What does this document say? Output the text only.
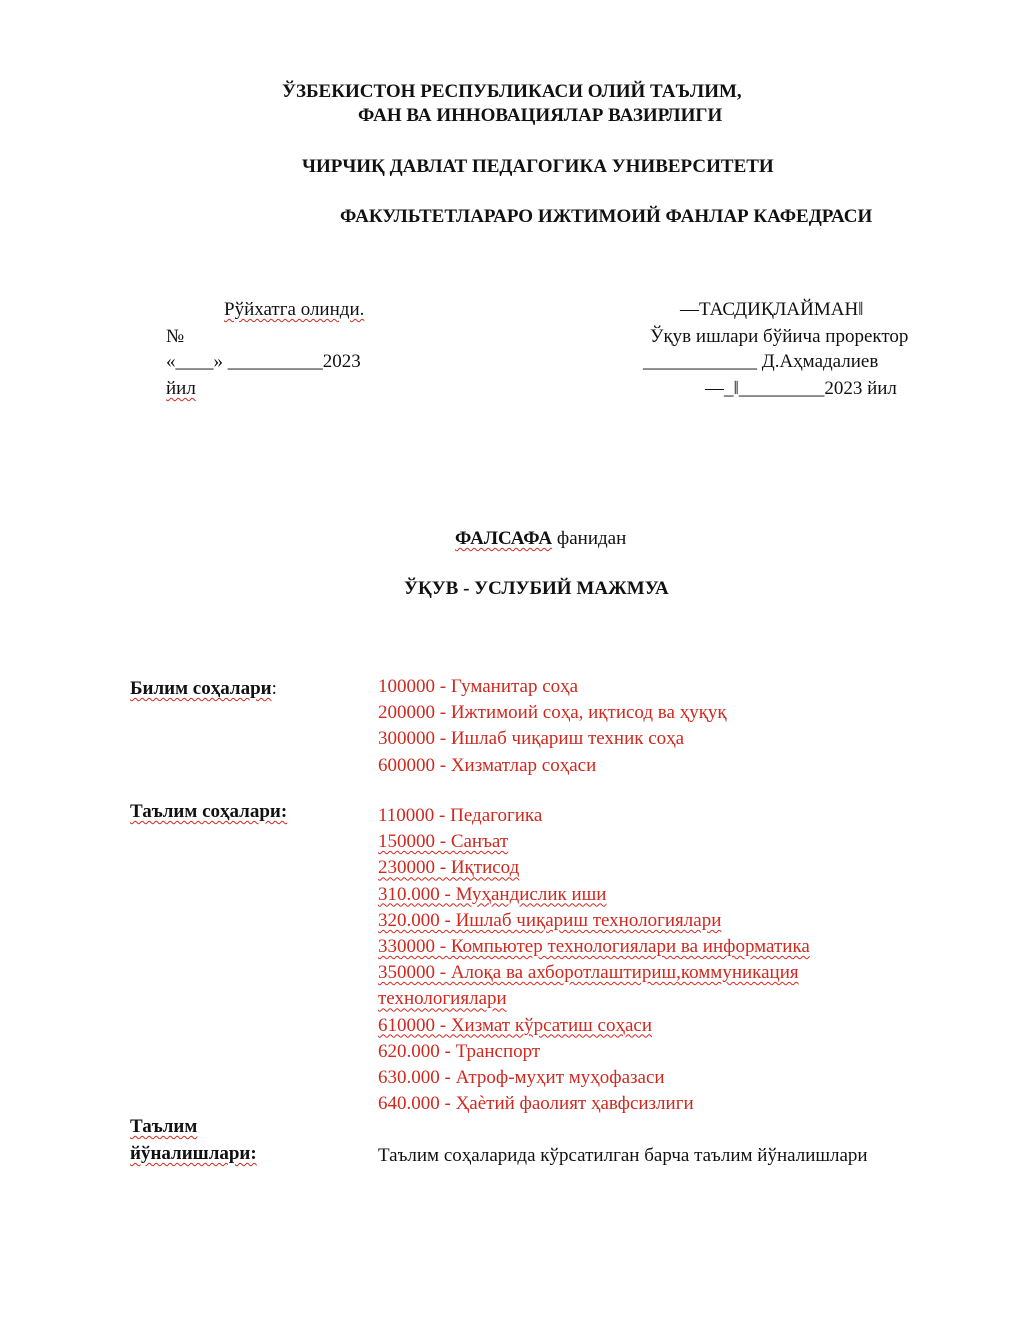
ЎЗБЕКИСТОН РЕСПУБЛИКАСИ ОЛИЙ ТАЪЛИМ,
ФАН ВА ИННОВАЦИЯЛАР ВАЗИРЛИГИ
ЧИРЧИҚ ДАВЛАТ ПЕДАГОГИКА УНИВЕРСИТЕТИ
ФАКУЛЬТЕТЛАРАРО ИЖТИМОИЙ ФАНЛАР КАФЕДРАСИ
Рўйхатга олинди.
№
«____» __________2023
йил
―ТАСДИҚЛАЙМАН‖
Ўқув ишлари бўйича проректор
____________ Д.Аҳмадалиев
―_‖_________2023 йил
ФАЛСАФА фанидан
ЎҚУВ - УСЛУБИЙ МАЖМУА
Билим соҳалари:	100000 - Гуманитар соҳа
200000 - Ижтимоий соҳа, иқтисод ва ҳуқуқ
300000 - Ишлаб чиқариш техник соҳа
600000 - Хизматлар соҳаси
Таълим соҳалари:	110000 - Педагогика
150000 - Санъат
230000 - Иқтисод
310.000 - Муҳандислик иши
320.000 - Ишлаб чиқариш технологиялари
330000 - Компьютер технологиялари ва информатика
350000 - Алоқа ва ахборотлаштириш,коммуникация
технологиялари
610000 - Хизмат кўрсатиш соҳаси
620.000 - Транспорт
630.000 - Атроф-муҳит муҳофазаси
640.000 - Ҳаѐтий фаолият ҳавфсизлиги
Таълим
йўналишлари:	Таълим соҳаларида кўрсатилган барча таълим йўналишлари
